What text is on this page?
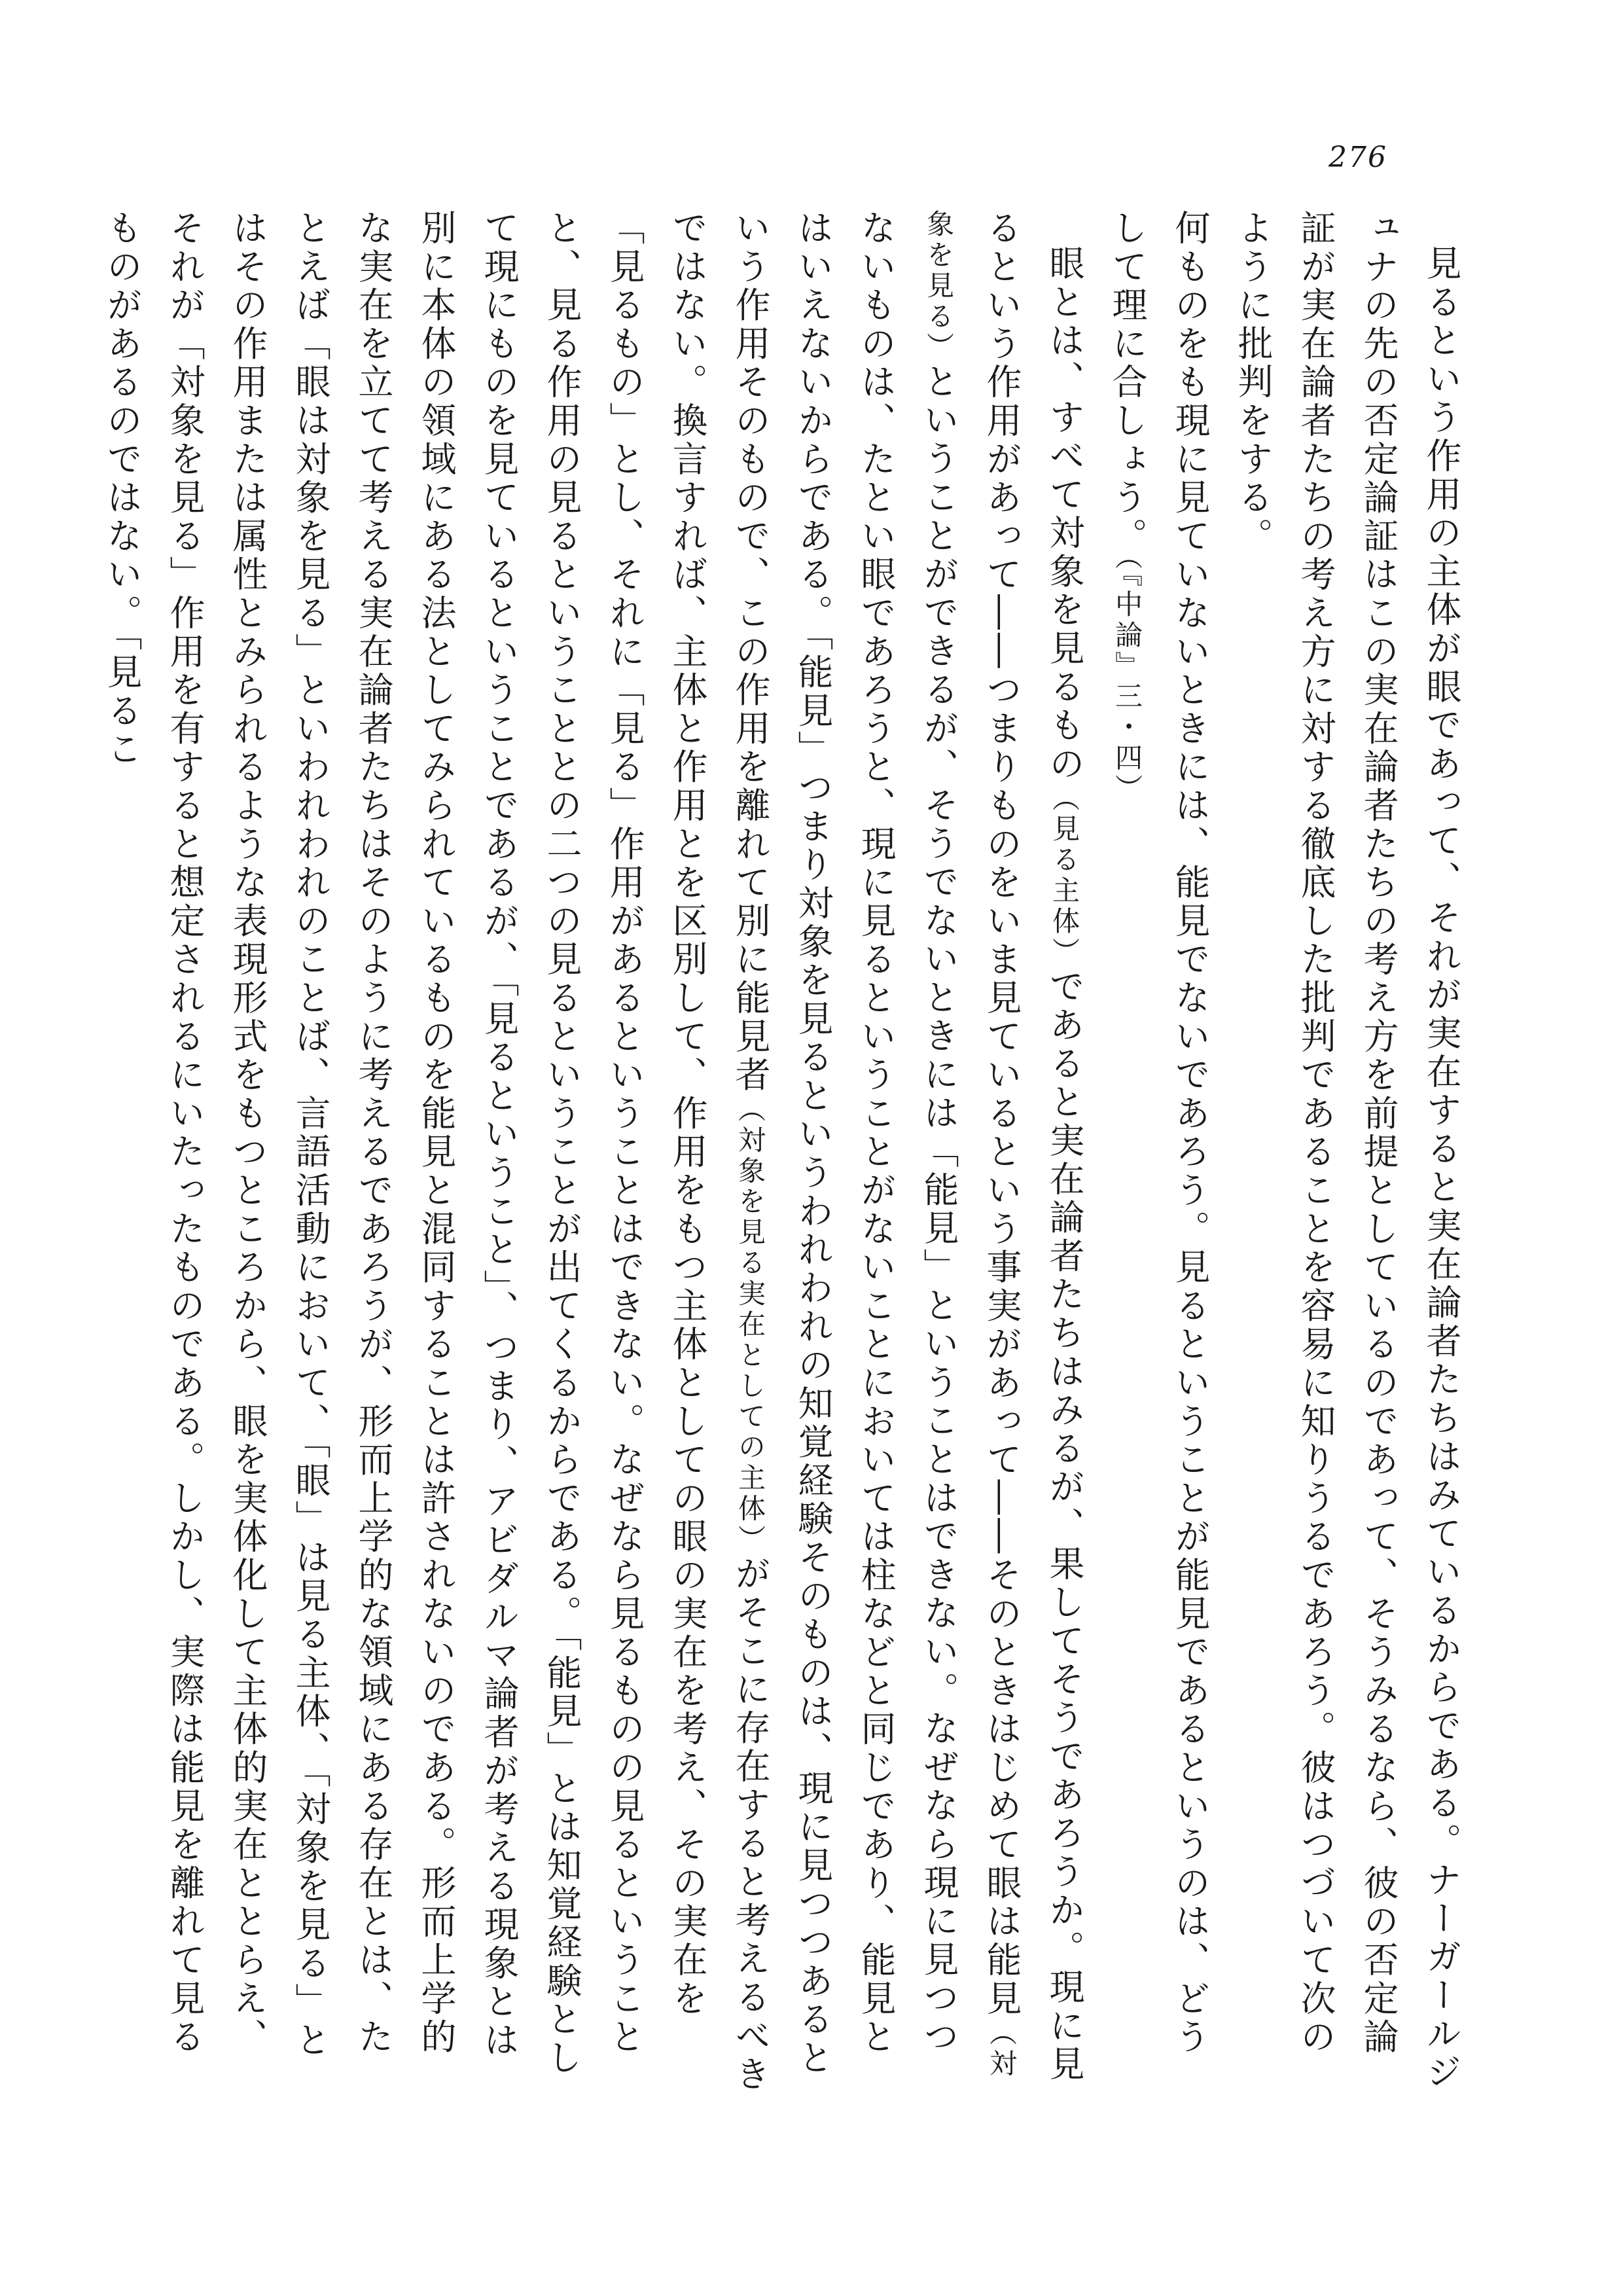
276

見るという作用の主体が眼であって、それが実在すると実在論者たちはみているからである。ナーガールジュナの先の否定論証はこの実在論者たちの考え方を前提としているのであって、そうみるなら、彼の否定論証が実在論者たちの考え方に対する徹底した批判であることを容易に知りうるであろう。彼はつづいて次のように批判をする。

何ものをも現に見ていないときには、能見でないであろう。見るということが能見であるというのは、どうして理に合しょう。（『中論』三・四）

眼とは、すべて対象を見るもの（見る主体）であると実在論者たちはみるが、果してそうであろうか。現に見るという作用があって――つまりものをいま見ているという事実があって――そのときはじめて眼は能見（対象を見る）ということができるが、そうでないときには「能見」ということはできない。なぜなら現に見つつないものは、たとい眼であろうと、現に見るということがないことにおいては柱などと同じであり、能見とはいえないからである。「能見」つまり対象を見るというわれわれの知覚経験そのものは、現に見つつあるという作用そのもので、この作用を離れて別に能見者（対象を見る実在としての主体）がそこに存在すると考えるべきではない。換言すれば、主体と作用とを区別して、作用をもつ主体としての眼の実在を考え、その実在を「見るもの」とし、それに「見る」作用があるということはできない。なぜなら見るものの見るということと、見る作用の見るということとの二つの見るということが出てくるからである。「能見」とは知覚経験として現にものを見ているということであるが、「見るということ」、つまり、アビダルマ論者が考える現象とは別に本体の領域にある法としてみられているものを能見と混同することは許されないのである。形而上学的な実在を立てて考える実在論者たちはそのように考えるであろうが、形而上学的な領域にある存在とは、たとえば「眼は対象を見る」といわれわれのことば、言語活動において、「眼」は見る主体、「対象を見る」とはその作用または属性とみられるような表現形式をもつところから、眼を実体化して主体的実在ととらえ、それが「対象を見る」作用を有すると想定されるにいたったものである。しかし、実際は能見を離れて見るものがあるのではない。「見るこ
